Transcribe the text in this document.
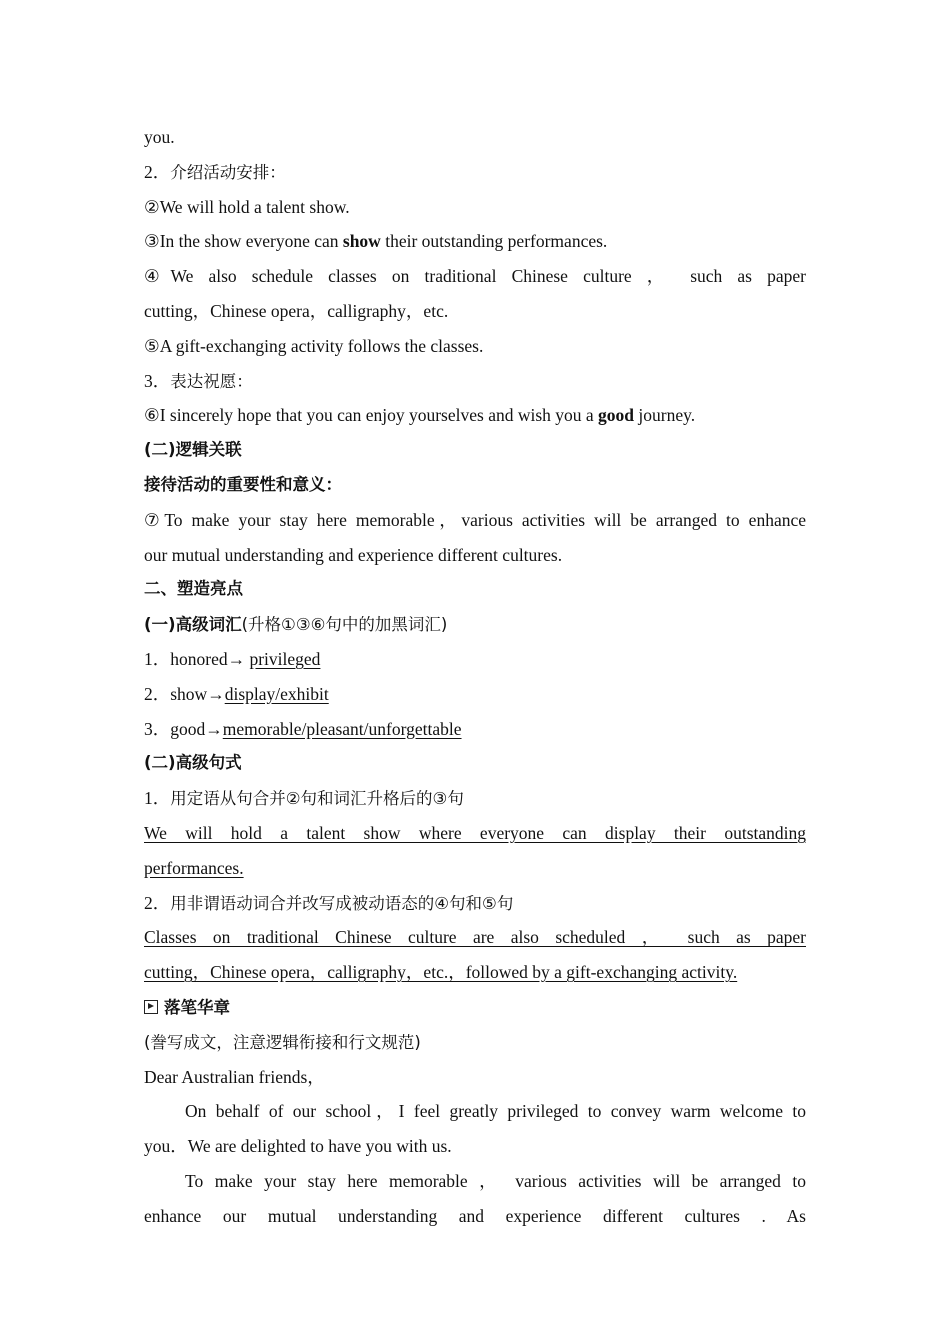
you.
2．介绍活动安排：
②We will hold a talent show.
③In the show everyone can show their outstanding performances.
④We also schedule classes on traditional Chinese culture ， such as paper
cutting，Chinese opera，calligraphy，etc.
⑤A gift-exchanging activity follows the classes.
3．表达祝愿：
⑥I sincerely hope that you can enjoy yourselves and wish you a good journey.
(二)逻辑关联
接待活动的重要性和意义：
⑦To make your stay here memorable，various activities will be arranged to enhance
our mutual understanding and experience different cultures.
二、塑造亮点
(一)高级词汇(升格①③⑥句中的加黑词汇)
1．honored→ privileged
2．show→display/exhibit
3．good→memorable/pleasant/unforgettable
(二)高级句式
1．用定语从句合并②句和词汇升格后的③句
We will hold a talent show where everyone can display their outstanding
performances.
2．用非谓语动词合并改写成被动语态的④句和⑤句
Classes on traditional Chinese culture are also scheduled ， such as paper
cutting，Chinese opera，calligraphy，etc.，followed by a gift-exchanging activity.
落笔华章
(誊写成文，注意逻辑衔接和行文规范)
Dear Australian friends，
On behalf of our school，I feel greatly privileged to convey warm welcome to
you．We are delighted to have you with us.
To make your stay here memorable ， various activities will be arranged to
enhance our mutual understanding and experience different cultures . As
